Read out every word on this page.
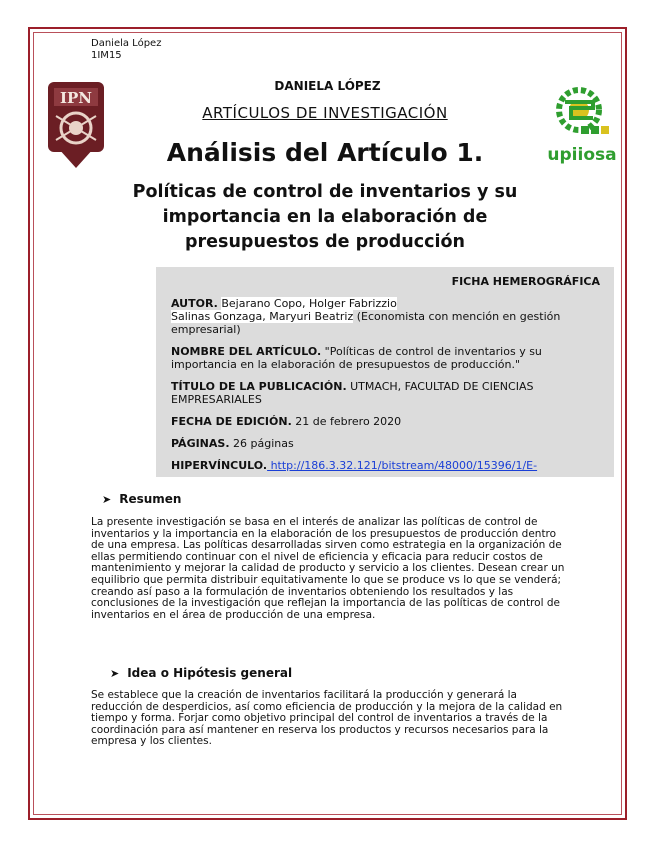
Daniela López
1IM15
IPN
upiiosa
DANIELA LÓPEZ
ARTÍCULOS DE INVESTIGACIÓN
Análisis del Artículo 1.
Políticas de control de inventarios y su importancia en la elaboración de presupuestos de producción
FICHA HEMEROGRÁFICA

AUTOR. Bejarano Copo, Holger Fabrizzio
Salinas Gonzaga, Maryuri Beatriz (Economista con mención en gestión empresarial)

NOMBRE DEL ARTÍCULO. "Políticas de control de inventarios y su importancia en la elaboración de presupuestos de producción."

TÍTULO DE LA PUBLICACIÓN. UTMACH, FACULTAD DE CIENCIAS EMPRESARIALES

FECHA DE EDICIÓN. 21 de febrero 2020

PÁGINAS. 26 páginas

HIPERVÍNCULO. http://186.3.32.121/bitstream/48000/15396/1/E-

➤ Resumen

La presente investigación se basa en el interés de analizar las políticas de control de inventarios y la importancia en la elaboración de los presupuestos de producción dentro de una empresa. Las políticas desarrolladas sirven como estrategia en la organización de ellas permitiendo continuar con el nivel de eficiencia y eficacia para reducir costos de mantenimiento y mejorar la calidad de producto y servicio a los clientes. Desean crear un equilibrio que permita distribuir equitativamente lo que se produce vs lo que se venderá; creando así paso a la formulación de inventarios obteniendo los resultados y las conclusiones de la investigación que reflejan la importancia de las políticas de control de inventarios en el área de producción de una empresa.

➤ Idea o Hipótesis general

Se establece que la creación de inventarios facilitará la producción y generará la reducción de desperdicios, así como eficiencia de producción y la mejora de la calidad en tiempo y forma. Forjar como objetivo principal del control de inventarios a través de la coordinación para así mantener en reserva los productos y recursos necesarios para la empresa y los clientes.
